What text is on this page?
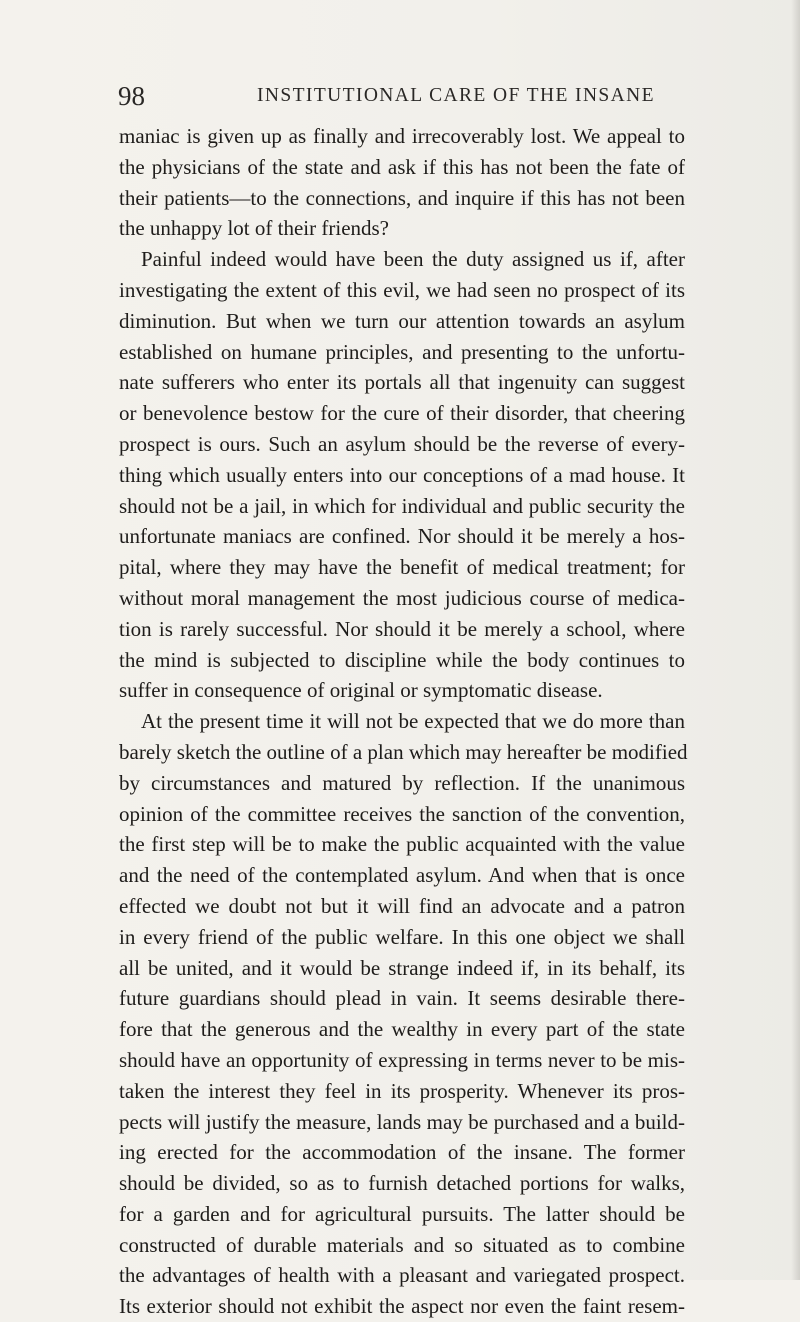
98	INSTITUTIONAL CARE OF THE INSANE
maniac is given up as finally and irrecoverably lost. We appeal to
the physicians of the state and ask if this has not been the fate of
their patients—to the connections, and inquire if this has not been
the unhappy lot of their friends?
Painful indeed would have been the duty assigned us if, after
investigating the extent of this evil, we had seen no prospect of its
diminution. But when we turn our attention towards an asylum
established on humane principles, and presenting to the unfortu-
nate sufferers who enter its portals all that ingenuity can suggest
or benevolence bestow for the cure of their disorder, that cheering
prospect is ours. Such an asylum should be the reverse of every-
thing which usually enters into our conceptions of a mad house. It
should not be a jail, in which for individual and public security the
unfortunate maniacs are confined. Nor should it be merely a hos-
pital, where they may have the benefit of medical treatment; for
without moral management the most judicious course of medica-
tion is rarely successful. Nor should it be merely a school, where
the mind is subjected to discipline while the body continues to
suffer in consequence of original or symptomatic disease.
At the present time it will not be expected that we do more than
barely sketch the outline of a plan which may hereafter be modified
by circumstances and matured by reflection. If the unanimous
opinion of the committee receives the sanction of the convention,
the first step will be to make the public acquainted with the value
and the need of the contemplated asylum. And when that is once
effected we doubt not but it will find an advocate and a patron
in every friend of the public welfare. In this one object we shall
all be united, and it would be strange indeed if, in its behalf, its
future guardians should plead in vain. It seems desirable there-
fore that the generous and the wealthy in every part of the state
should have an opportunity of expressing in terms never to be mis-
taken the interest they feel in its prosperity. Whenever its pros-
pects will justify the measure, lands may be purchased and a build-
ing erected for the accommodation of the insane. The former
should be divided, so as to furnish detached portions for walks,
for a garden and for agricultural pursuits. The latter should be
constructed of durable materials and so situated as to combine
the advantages of health with a pleasant and variegated prospect.
Its exterior should not exhibit the aspect nor even the faint resem-
